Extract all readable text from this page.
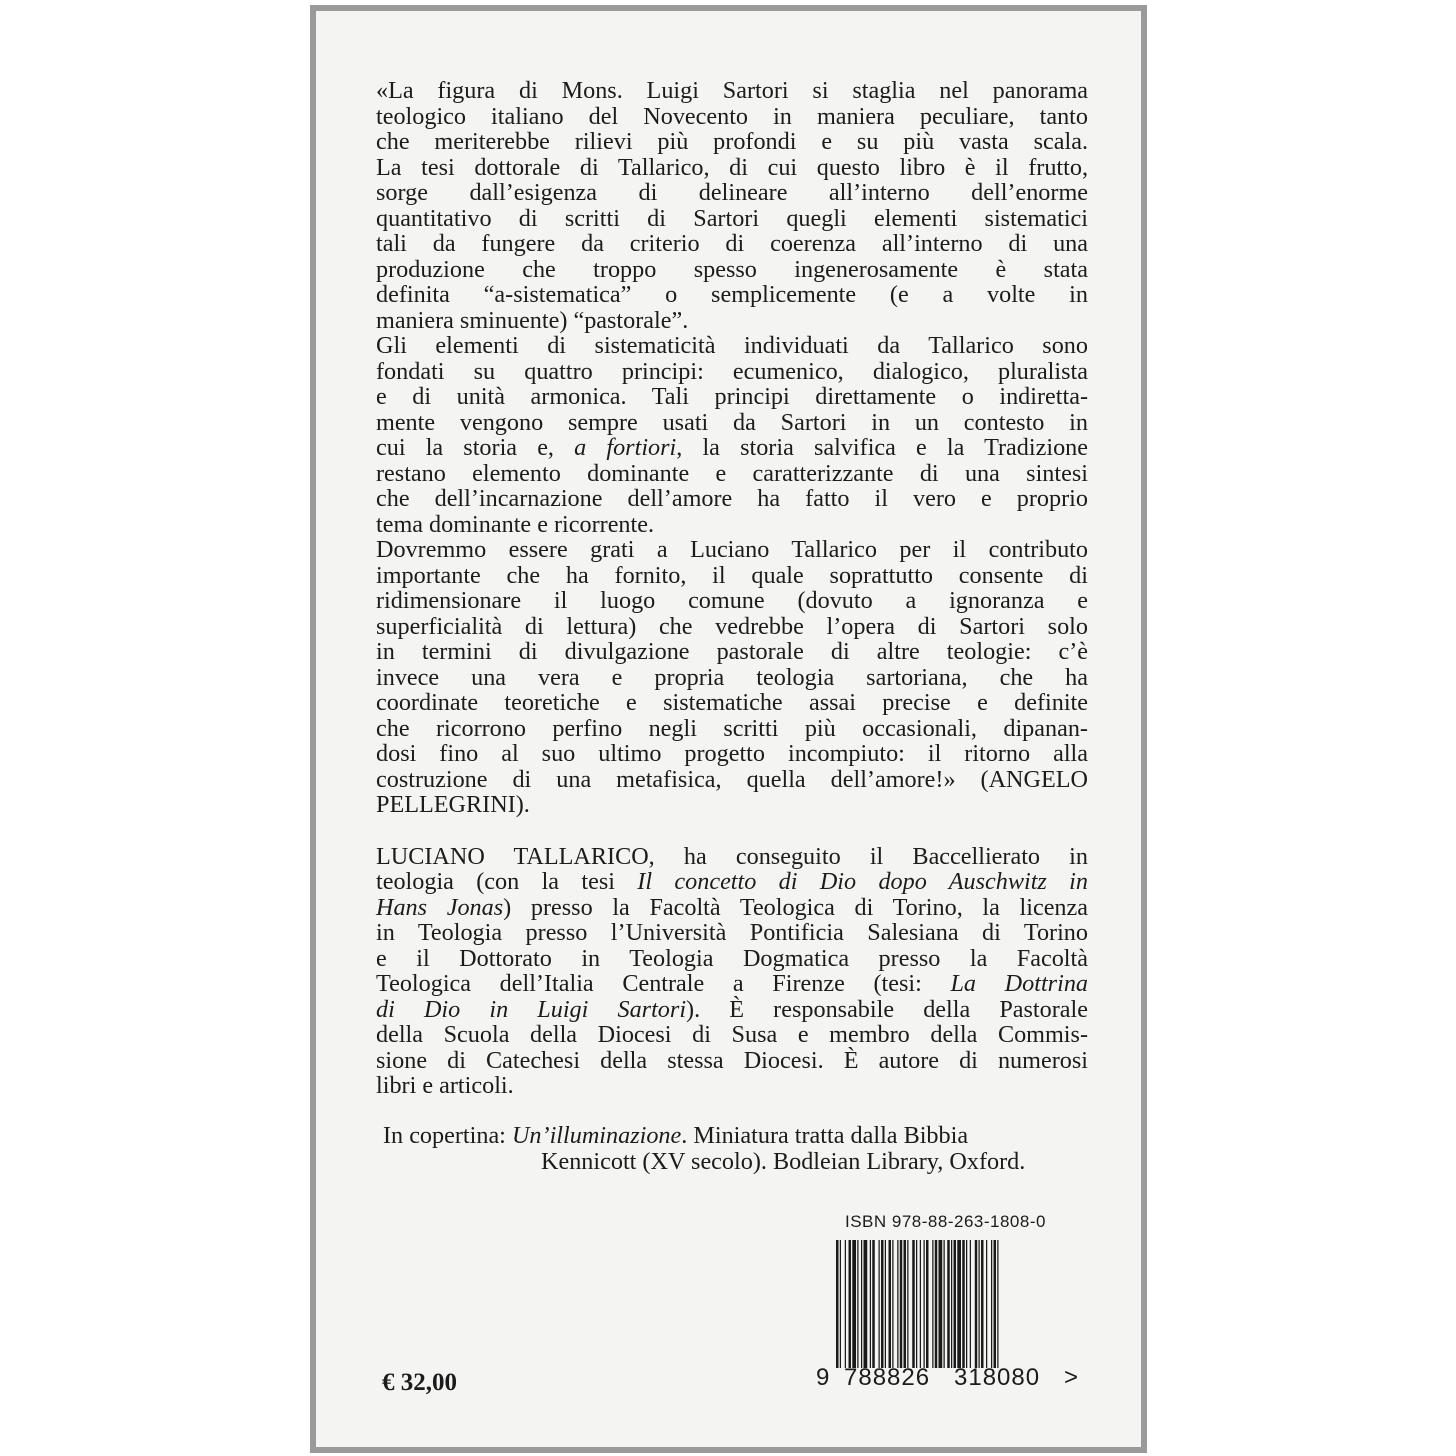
«La figura di Mons. Luigi Sartori si staglia nel panorama
teologico italiano del Novecento in maniera peculiare, tanto
che meriterebbe rilievi più profondi e su più vasta scala.
La tesi dottorale di Tallarico, di cui questo libro è il frutto,
sorge dall’esigenza di delineare all’interno dell’enorme
quantitativo di scritti di Sartori quegli elementi sistematici
tali da fungere da criterio di coerenza all’interno di una
produzione che troppo spesso ingenerosamente è stata
definita “a-sistematica” o semplicemente (e a volte in
maniera sminuente) “pastorale”.
Gli elementi di sistematicità individuati da Tallarico sono
fondati su quattro principi: ecumenico, dialogico, pluralista
e di unità armonica. Tali principi direttamente o indiretta-
mente vengono sempre usati da Sartori in un contesto in
cui la storia e, a fortiori, la storia salvifica e la Tradizione
restano elemento dominante e caratterizzante di una sintesi
che dell’incarnazione dell’amore ha fatto il vero e proprio
tema dominante e ricorrente.
Dovremmo essere grati a Luciano Tallarico per il contributo
importante che ha fornito, il quale soprattutto consente di
ridimensionare il luogo comune (dovuto a ignoranza e
superficialità di lettura) che vedrebbe l’opera di Sartori solo
in termini di divulgazione pastorale di altre teologie: c’è
invece una vera e propria teologia sartoriana, che ha
coordinate teoretiche e sistematiche assai precise e definite
che ricorrono perfino negli scritti più occasionali, dipanan-
dosi fino al suo ultimo progetto incompiuto: il ritorno alla
costruzione di una metafisica, quella dell’amore!» (ANGELO
PELLEGRINI).

LUCIANO TALLARICO, ha conseguito il Baccellierato in
teologia (con la tesi Il concetto di Dio dopo Auschwitz in
Hans Jonas) presso la Facoltà Teologica di Torino, la licenza
in Teologia presso l’Università Pontificia Salesiana di Torino
e il Dottorato in Teologia Dogmatica presso la Facoltà
Teologica dell’Italia Centrale a Firenze (tesi: La Dottrina
di Dio in Luigi Sartori). È responsabile della Pastorale
della Scuola della Diocesi di Susa e membro della Commis-
sione di Catechesi della stessa Diocesi. È autore di numerosi
libri e articoli.

In copertina: Un’illuminazione. Miniatura tratta dalla Bibbia
Kennicott (XV secolo). Bodleian Library, Oxford.
ISBN 978-88-263-1808-0
9 788826 318080 >
€ 32,00
